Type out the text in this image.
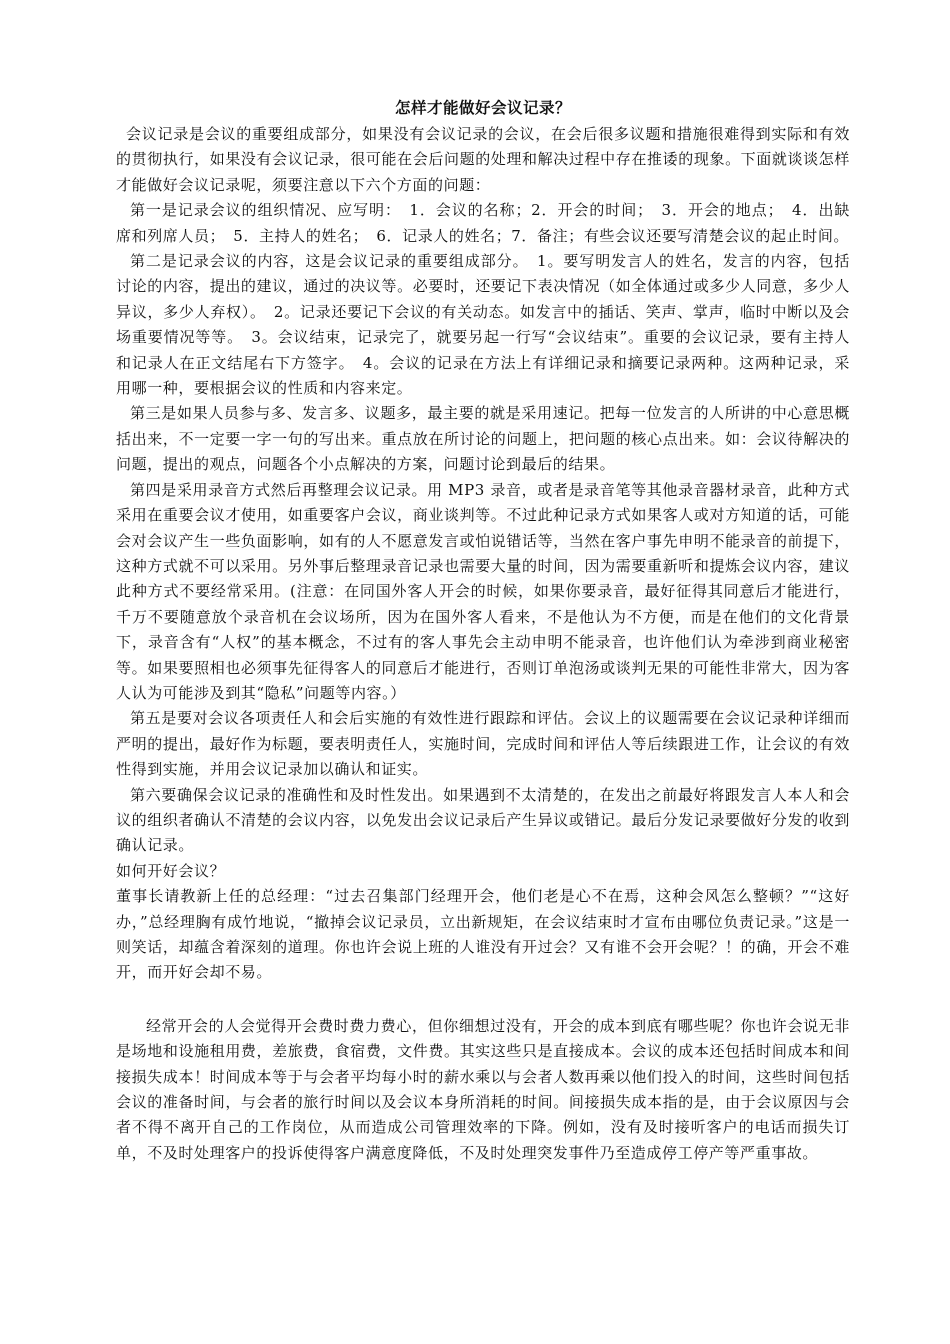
怎样才能做好会议记录？

会议记录是会议的重要组成部分，如果没有会议记录的会议，在会后很多议题和措施很难得到实际和有效的贯彻执行，如果没有会议记录，很可能在会后问题的处理和解决过程中存在推诿的现象。下面就谈谈怎样才能做好会议记录呢，须要注意以下六个方面的问题：

第一是记录会议的组织情况、应写明：　1．会议的名称；2．开会的时间；　3．开会的地点；　4．出缺席和列席人员；　5．主持人的姓名；　6．记录人的姓名；7．备注；有些会议还要写清楚会议的起止时间。

第二是记录会议的内容，这是会议记录的重要组成部分。　1。要写明发言人的姓名，发言的内容，包括讨论的内容，提出的建议，通过的决议等。必要时，还要记下表决情况（如全体通过或多少人同意，多少人异议，多少人弃权）。　2。记录还要记下会议的有关动态。如发言中的插话、笑声、掌声，临时中断以及会场重要情况等等。　3。会议结束，记录完了，就要另起一行写“会议结束”。重要的会议记录，要有主持人和记录人在正文结尾右下方签字。　4。会议的记录在方法上有详细记录和摘要记录两种。这两种记录，采用哪一种，要根据会议的性质和内容来定。

第三是如果人员参与多、发言多、议题多，最主要的就是采用速记。把每一位发言的人所讲的中心意思概括出来，不一定要一字一句的写出来。重点放在所讨论的问题上，把问题的核心点出来。如：会议待解决的问题，提出的观点，问题各个小点解决的方案，问题讨论到最后的结果。

第四是采用录音方式然后再整理会议记录。用 MP3 录音，或者是录音笔等其他录音器材录音，此种方式采用在重要会议才使用，如重要客户会议，商业谈判等。不过此种记录方式如果客人或对方知道的话，可能会对会议产生一些负面影响，如有的人不愿意发言或怕说错话等，当然在客户事先申明不能录音的前提下，这种方式就不可以采用。另外事后整理录音记录也需要大量的时间，因为需要重新听和提炼会议内容，建议此种方式不要经常采用。(注意：在同国外客人开会的时候，如果你要录音，最好征得其同意后才能进行，千万不要随意放个录音机在会议场所，因为在国外客人看来，不是他认为不方便，而是在他们的文化背景下，录音含有“人权”的基本概念，不过有的客人事先会主动申明不能录音，也许他们认为牵涉到商业秘密等。如果要照相也必须事先征得客人的同意后才能进行，否则订单泡汤或谈判无果的可能性非常大，因为客人认为可能涉及到其“隐私”问题等内容。）

第五是要对会议各项责任人和会后实施的有效性进行跟踪和评估。会议上的议题需要在会议记录种详细而严明的提出，最好作为标题，要表明责任人，实施时间，完成时间和评估人等后续跟进工作，让会议的有效性得到实施，并用会议记录加以确认和证实。

第六要确保会议记录的准确性和及时性发出。如果遇到不太清楚的，在发出之前最好将跟发言人本人和会议的组织者确认不清楚的会议内容，以免发出会议记录后产生异议或错记。最后分发记录要做好分发的收到确认记录。

如何开好会议？

董事长请教新上任的总经理：“过去召集部门经理开会，他们老是心不在焉，这种会风怎么整顿？”“这好办，”总经理胸有成竹地说，“撤掉会议记录员，立出新规矩，在会议结束时才宣布由哪位负责记录。”这是一则笑话，却蕴含着深刻的道理。你也许会说上班的人谁没有开过会？又有谁不会开会呢？！的确，开会不难开，而开好会却不易。

经常开会的人会觉得开会费时费力费心，但你细想过没有，开会的成本到底有哪些呢？你也许会说无非是场地和设施租用费，差旅费，食宿费，文件费。其实这些只是直接成本。会议的成本还包括时间成本和间接损失成本！时间成本等于与会者平均每小时的薪水乘以与会者人数再乘以他们投入的时间，这些时间包括会议的准备时间，与会者的旅行时间以及会议本身所消耗的时间。间接损失成本指的是，由于会议原因与会者不得不离开自己的工作岗位，从而造成公司管理效率的下降。例如，没有及时接听客户的电话而损失订单，不及时处理客户的投诉使得客户满意度降低，不及时处理突发事件乃至造成停工停产等严重事故。
